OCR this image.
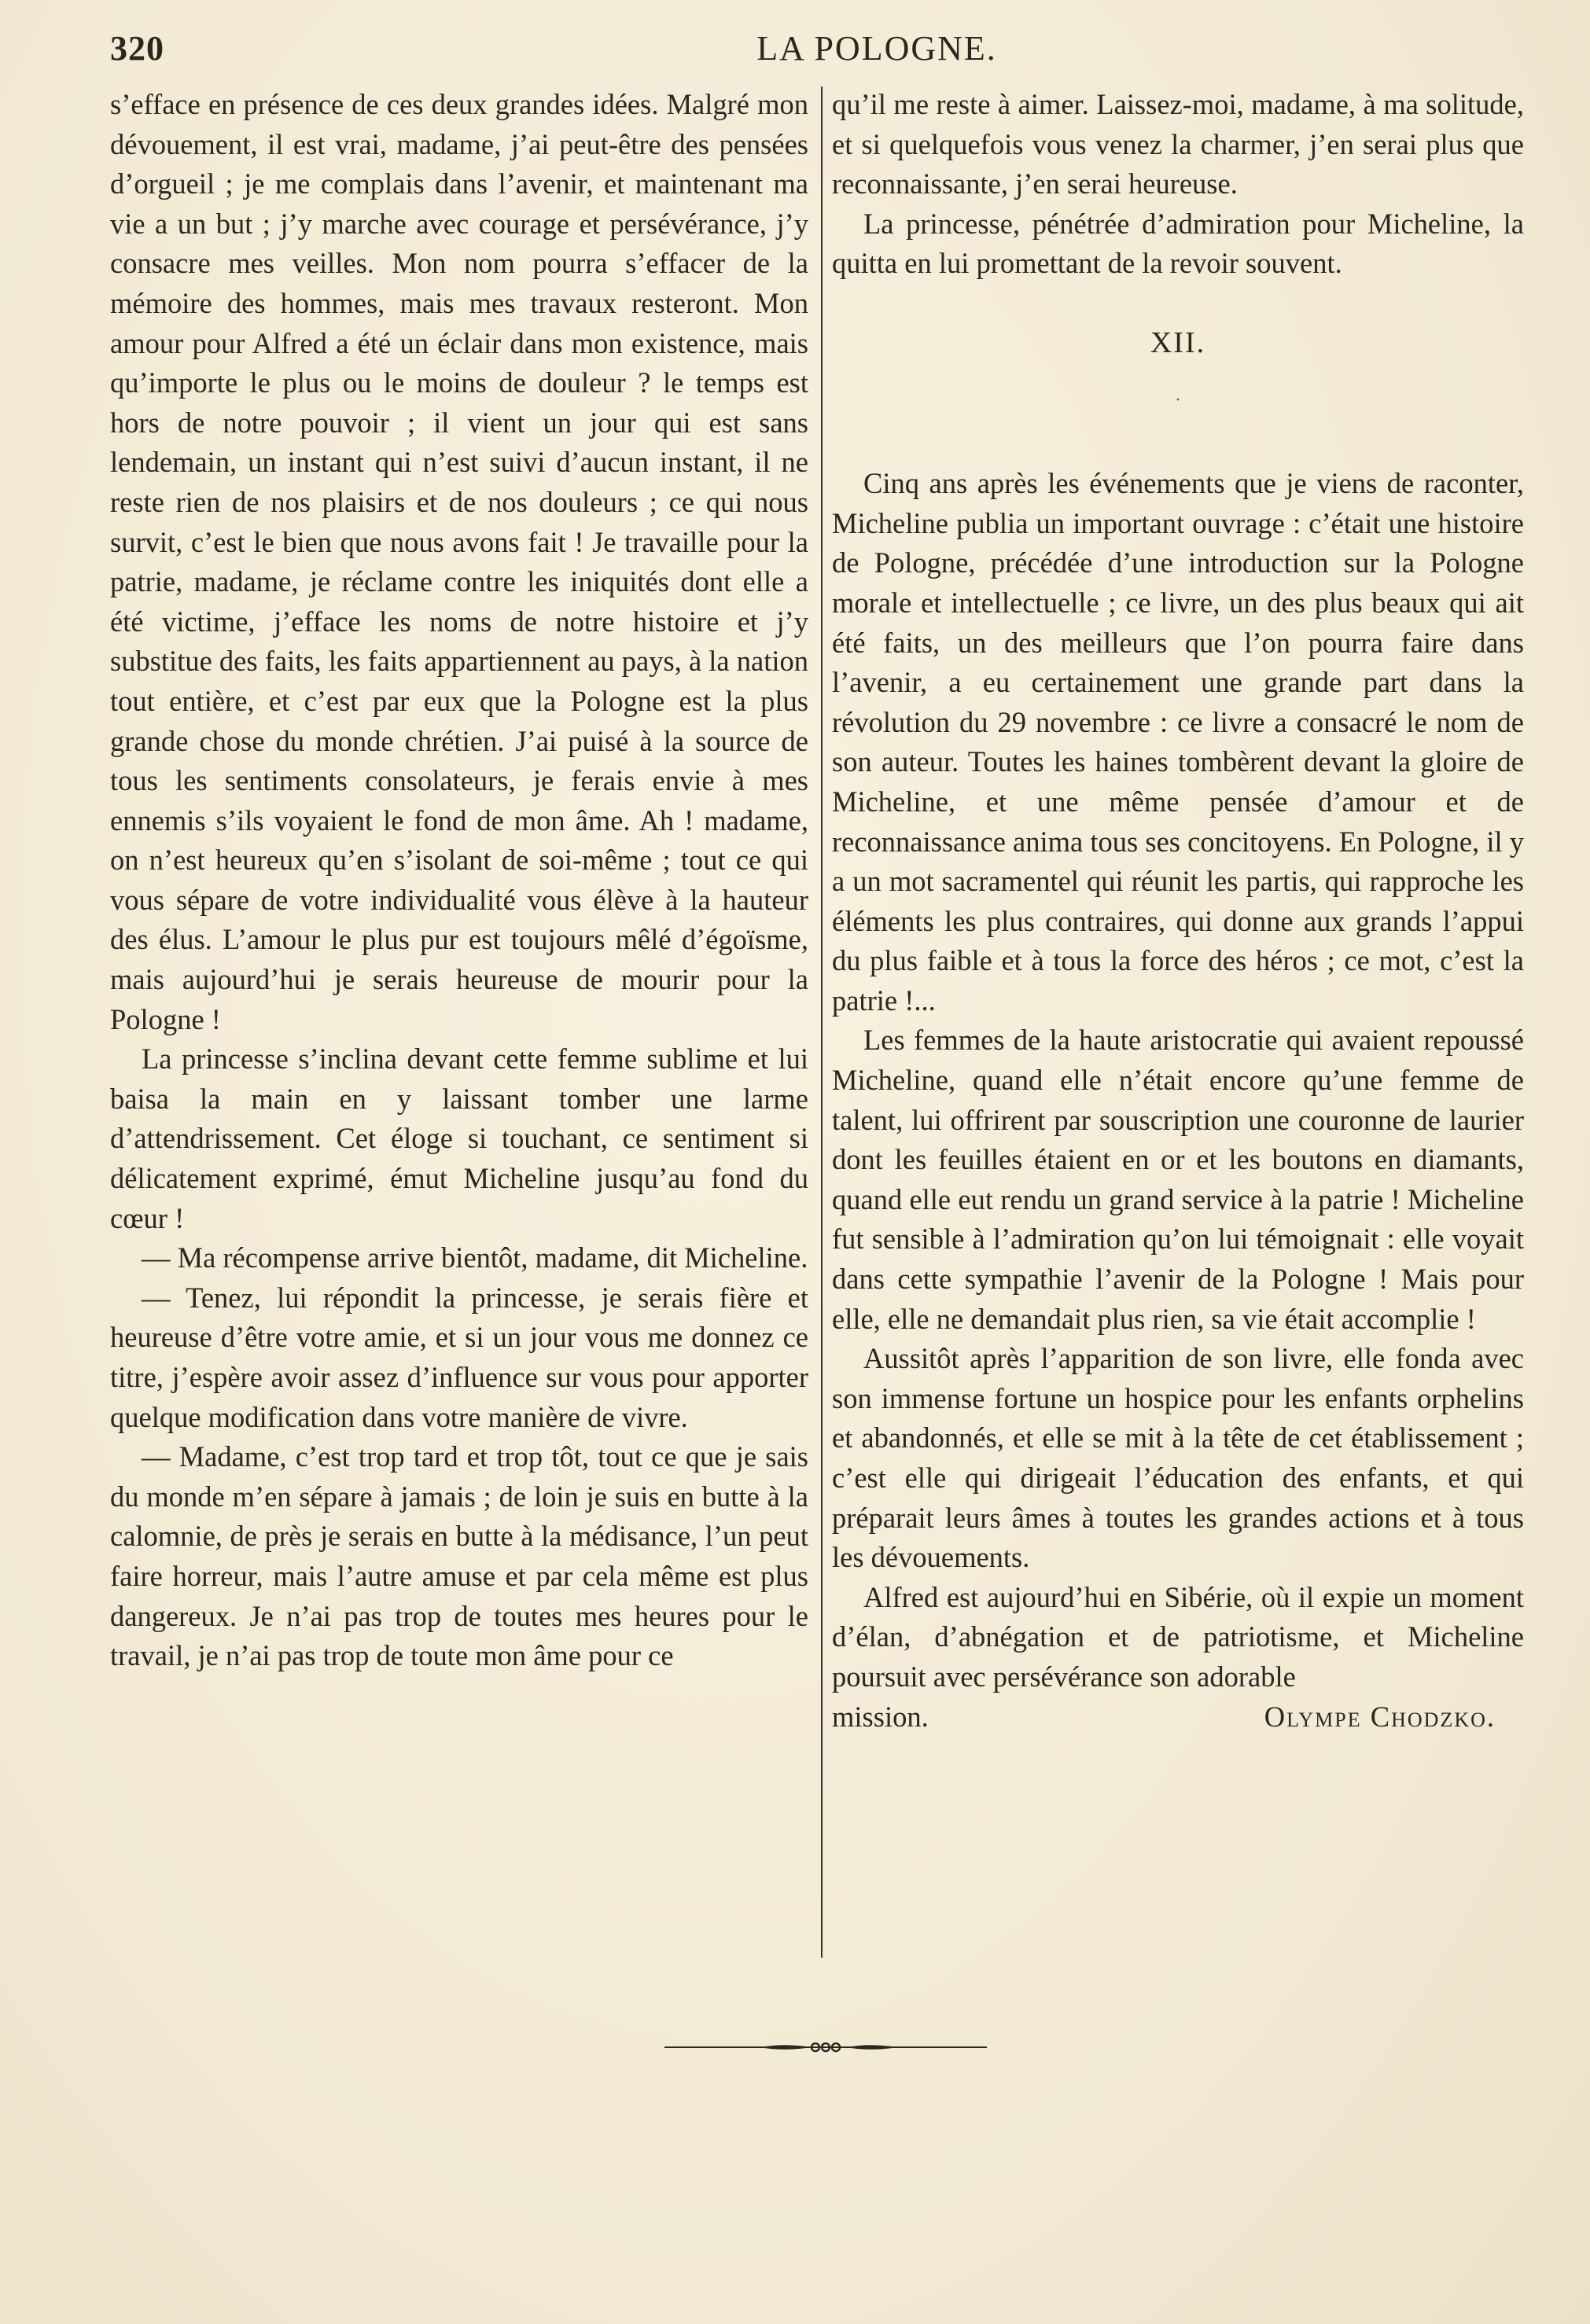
320	LA POLOGNE.

s’efface en présence de ces deux grandes idées. Malgré mon dévouement, il est vrai, madame, j’ai peut-être des pensées d’orgueil ; je me complais dans l’avenir, et maintenant ma vie a un but ; j’y marche avec courage et persévérance, j’y consacre mes veilles. Mon nom pourra s’effacer de la mémoire des hommes, mais mes travaux resteront. Mon amour pour Alfred a été un éclair dans mon existence, mais qu’importe le plus ou le moins de douleur ? le temps est hors de notre pouvoir ; il vient un jour qui est sans lendemain, un instant qui n’est suivi d’aucun instant, il ne reste rien de nos plaisirs et de nos douleurs ; ce qui nous survit, c’est le bien que nous avons fait ! Je travaille pour la patrie, madame, je réclame contre les iniquités dont elle a été victime, j’efface les noms de notre histoire et j’y substitue des faits, les faits appartiennent au pays, à la nation tout entière, et c’est par eux que la Pologne est la plus grande chose du monde chrétien. J’ai puisé à la source de tous les sentiments consolateurs, je ferais envie à mes ennemis s’ils voyaient le fond de mon âme. Ah ! madame, on n’est heureux qu’en s’isolant de soi-même ; tout ce qui vous sépare de votre individualité vous élève à la hauteur des élus. L’amour le plus pur est toujours mêlé d’égoïsme, mais aujourd’hui je serais heureuse de mourir pour la Pologne !

La princesse s’inclina devant cette femme sublime et lui baisa la main en y laissant tomber une larme d’attendrissement. Cet éloge si touchant, ce sentiment si délicatement exprimé, émut Micheline jusqu’au fond du cœur !

— Ma récompense arrive bientôt, madame, dit Micheline.

— Tenez, lui répondit la princesse, je serais fière et heureuse d’être votre amie, et si un jour vous me donnez ce titre, j’espère avoir assez d’influence sur vous pour apporter quelque modification dans votre manière de vivre.

— Madame, c’est trop tard et trop tôt, tout ce que je sais du monde m’en sépare à jamais ; de loin je suis en butte à la calomnie, de près je serais en butte à la médisance, l’un peut faire horreur, mais l’autre amuse et par cela même est plus dangereux. Je n’ai pas trop de toutes mes heures pour le travail, je n’ai pas trop de toute mon âme pour ce

qu’il me reste à aimer. Laissez-moi, madame, à ma solitude, et si quelquefois vous venez la charmer, j’en serai plus que reconnaissante, j’en serai heureuse.

La princesse, pénétrée d’admiration pour Micheline, la quitta en lui promettant de la revoir souvent.

XII.
·

Cinq ans après les événements que je viens de raconter, Micheline publia un important ouvrage : c’était une histoire de Pologne, précédée d’une introduction sur la Pologne morale et intellectuelle ; ce livre, un des plus beaux qui ait été faits, un des meilleurs que l’on pourra faire dans l’avenir, a eu certainement une grande part dans la révolution du 29 novembre : ce livre a consacré le nom de son auteur. Toutes les haines tombèrent devant la gloire de Micheline, et une même pensée d’amour et de reconnaissance anima tous ses concitoyens. En Pologne, il y a un mot sacramentel qui réunit les partis, qui rapproche les éléments les plus contraires, qui donne aux grands l’appui du plus faible et à tous la force des héros ; ce mot, c’est la patrie !...

Les femmes de la haute aristocratie qui avaient repoussé Micheline, quand elle n’était encore qu’une femme de talent, lui offrirent par souscription une couronne de laurier dont les feuilles étaient en or et les boutons en diamants, quand elle eut rendu un grand service à la patrie ! Micheline fut sensible à l’admiration qu’on lui témoignait : elle voyait dans cette sympathie l’avenir de la Pologne ! Mais pour elle, elle ne demandait plus rien, sa vie était accomplie !

Aussitôt après l’apparition de son livre, elle fonda avec son immense fortune un hospice pour les enfants orphelins et abandonnés, et elle se mit à la tête de cet établissement ; c’est elle qui dirigeait l’éducation des enfants, et qui préparait leurs âmes à toutes les grandes actions et à tous les dévouements.

Alfred est aujourd’hui en Sibérie, où il expie un moment d’élan, d’abnégation et de patriotisme, et Micheline poursuit avec persévérance son adorable

mission.	Olympe Chodzko.
